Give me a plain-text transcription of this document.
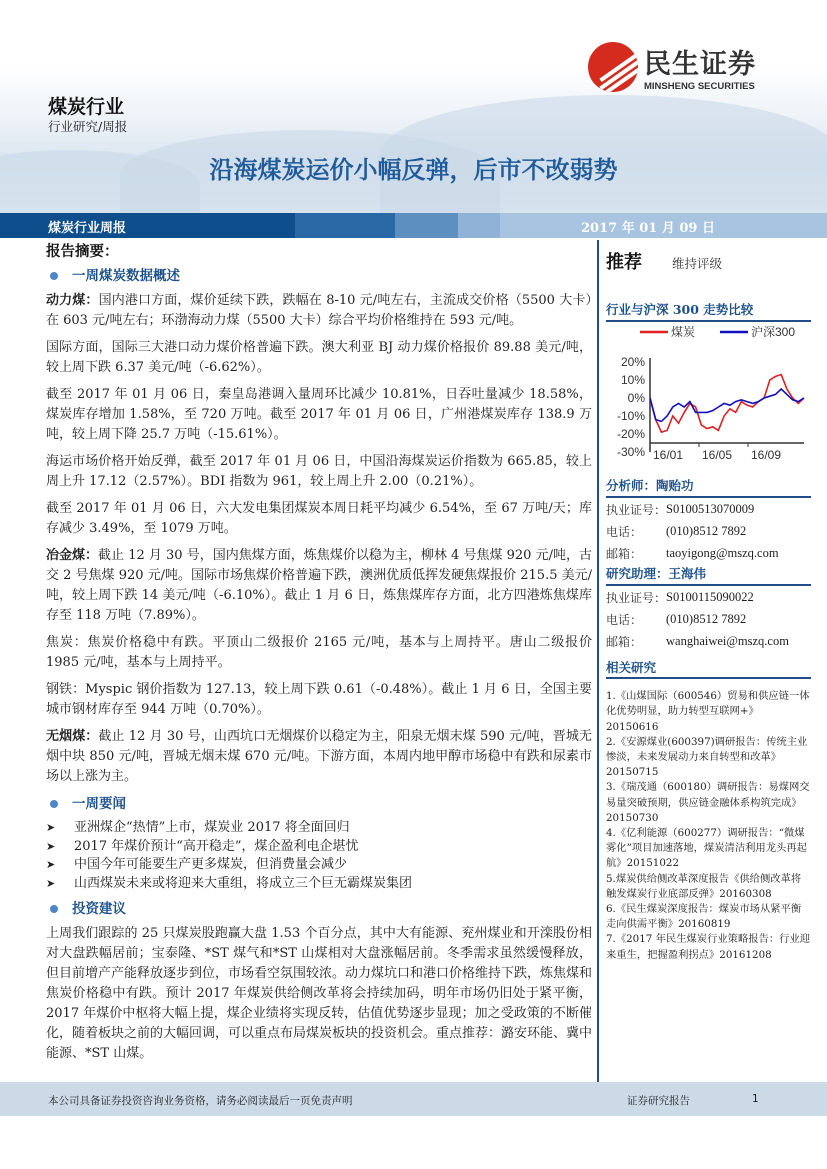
民生证券
MINSHENG SECURITIES
煤炭行业
行业研究/周报
沿海煤炭运价小幅反弹，后市不改弱势
煤炭行业周报	2017 年 01 月 09 日
报告摘要：
一周煤炭数据概述

动力煤：国内港口方面，煤价延续下跌，跌幅在 8-10 元/吨左右，主流成交价格（5500 大卡）在 603 元/吨左右；环渤海动力煤（5500 大卡）综合平均价格维持在 593 元/吨。

国际方面，国际三大港口动力煤价格普遍下跌。澳大利亚 BJ 动力煤价格报价 89.88 美元/吨，较上周下跌 6.37 美元/吨（-6.62%）。

截至 2017 年 01 月 06 日，秦皇岛港调入量周环比减少 10.81%，日吞吐量减少 18.58%，煤炭库存增加 1.58%，至 720 万吨。截至 2017 年 01 月 06 日，广州港煤炭库存 138.9 万吨，较上周下降 25.7 万吨（-15.61%）。

海运市场价格开始反弹，截至 2017 年 01 月 06 日，中国沿海煤炭运价指数为 665.85，较上周上升 17.12（2.57%）。BDI 指数为 961，较上周上升 2.00（0.21%）。

截至 2017 年 01 月 06 日，六大发电集团煤炭本周日耗平均减少 6.54%，至 67 万吨/天；库存减少 3.49%，至 1079 万吨。

冶金煤：截止 12 月 30 号，国内焦煤方面，炼焦煤价以稳为主，柳林 4 号焦煤 920 元/吨，古交 2 号焦煤 920 元/吨。国际市场焦煤价格普遍下跌，澳洲优质低挥发硬焦煤报价 215.5 美元/吨，较上周下跌 14 美元/吨（-6.10%）。截止 1 月 6 日，炼焦煤库存方面，北方四港炼焦煤库存至 118 万吨（7.89%）。

焦炭：焦炭价格稳中有跌。平顶山二级报价 2165 元/吨，基本与上周持平。唐山二级报价 1985 元/吨，基本与上周持平。

钢铁：Myspic 钢价指数为 127.13，较上周下跌 0.61（-0.48%）。截止 1 月 6 日，全国主要城市钢材库存至 944 万吨（0.70%）。

无烟煤：截止 12 月 30 号，山西坑口无烟煤价以稳定为主，阳泉无烟末煤 590 元/吨，晋城无烟中块 850 元/吨，晋城无烟末煤 670 元/吨。下游方面，本周内地甲醇市场稳中有跌和尿素市场以上涨为主。

一周要闻
➤	亚洲煤企“热情”上市，煤炭业 2017 将全面回归
➤	2017 年煤价预计“高开稳走”，煤企盈利电企堪忧
➤	中国今年可能要生产更多煤炭，但消费量会减少
➤	山西煤炭未来或将迎来大重组，将成立三个巨无霸煤炭集团
投资建议

上周我们跟踪的 25 只煤炭股跑赢大盘 1.53 个百分点，其中大有能源、兖州煤业和开滦股份相对大盘跌幅居前；宝泰隆、*ST 煤气和*ST 山煤相对大盘涨幅居前。冬季需求虽然缓慢释放，但目前增产产能释放逐步到位，市场看空氛围较浓。动力煤坑口和港口价格维持下跌，炼焦煤和焦炭价格稳中有跌。预计 2017 年煤炭供给侧改革将会持续加码，明年市场仍旧处于紧平衡，2017 年煤价中枢将大幅上提，煤企业绩将实现反转，估值优势逐步显现；加之受政策的不断催化，随着板块之前的大幅回调，可以重点布局煤炭板块的投资机会。重点推荐：潞安环能、冀中能源、*ST 山煤。

推荐 维持评级
行业与沪深 300 走势比较
煤炭	沪深300
20%
10%
0%
-10%
-20%
-30% 16/01 16/05 16/09
分析师：陶贻功
执业证号： S0100513070009
电话：	(010)8512 7892
邮箱：	taoyigong@mszq.com
研究助理：王海伟
执业证号： S0100115090022
电话：	(010)8512 7892
邮箱：	wanghaiwei@mszq.com
相关研究
1.《山煤国际（600546）贸易和供应链一体化优势明显，助力转型互联网+》20150616
2.《安源煤业(600397)调研报告：传统主业惨淡，未来发展动力来自转型和改革》20150715
3.《瑞茂通（600180）调研报告：易煤网交易量突破预期，供应链金融体系构筑完成》20150730
4.《亿利能源（600277）调研报告：“微煤雾化”项目加速落地，煤炭清洁利用龙头再起航》20151022
5.煤炭供给侧改革深度报告《供给侧改革将触发煤炭行业底部反弹》20160308
6.《民生煤炭深度报告：煤炭市场从紧平衡走向供需平衡》20160819
7.《2017 年民生煤炭行业策略报告：行业迎来重生，把握盈利拐点》20161208
本公司具备证券投资咨询业务资格，请务必阅读最后一页免责声明	证券研究报告	1
